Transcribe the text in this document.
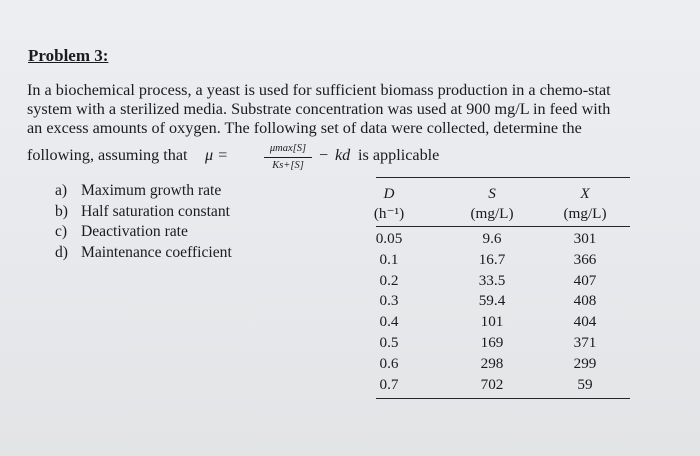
Problem 3:
In a biochemical process, a yeast is used for sufficient biomass production in a chemo-stat
system with a sterilized media. Substrate concentration was used at 900 mg/L in feed with
an excess amounts of oxygen. The following set of data were collected, determine the
following, assuming that μ =	μmax[S]
Ks+[S]
− kd is applicable
a) Maximum growth rate
b) Half saturation constant
c) Deactivation rate
d) Maintenance coefficient
D
(h⁻¹)
S
(mg/L)
X
(mg/L)
0.05
0.1
0.2
0.3
0.4
0.5
0.6
0.7
9.6
16.7
33.5
59.4
101
169
298
702
301
366
407
408
404
371
299
59
